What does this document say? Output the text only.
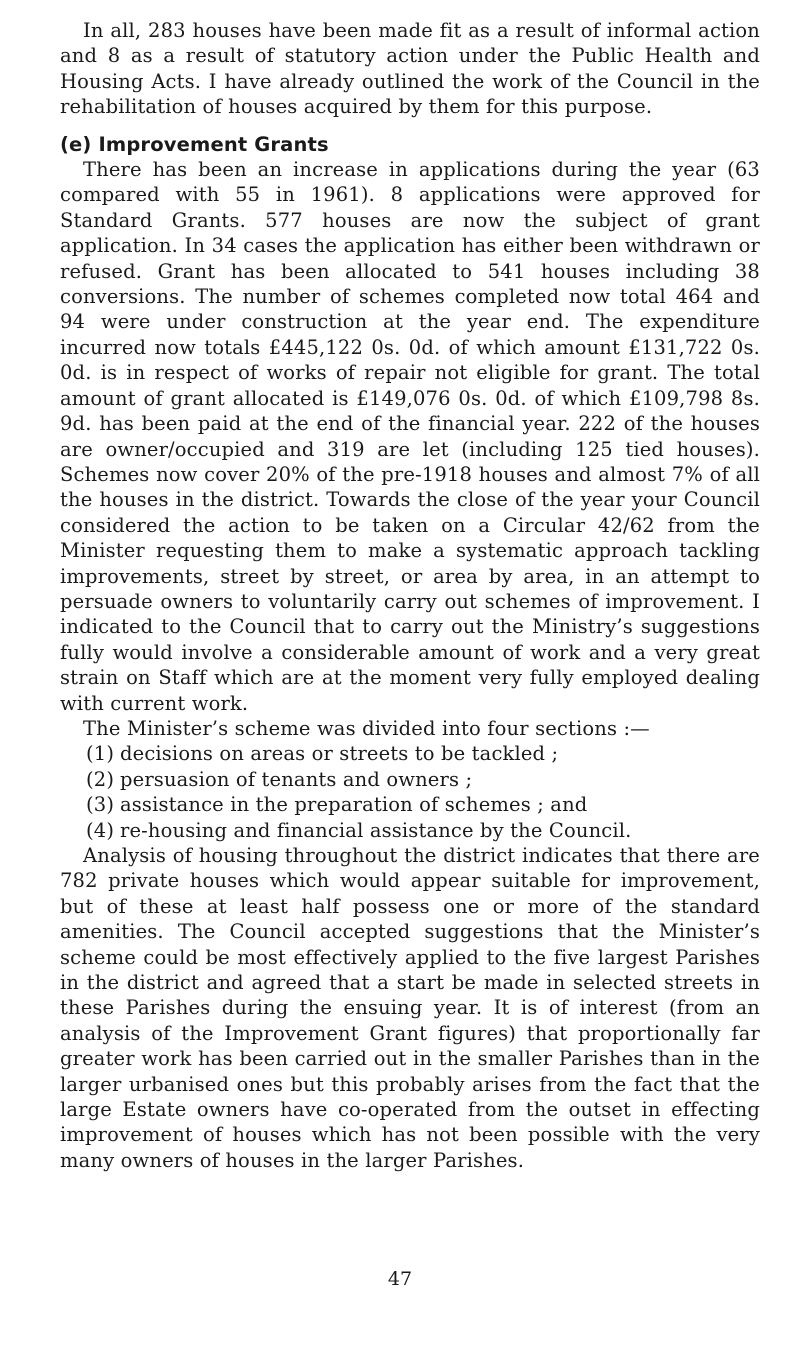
In all, 283 houses have been made fit as a result of informal action and 8 as a result of statutory action under the Public Health and Housing Acts. I have already outlined the work of the Council in the rehabilitation of houses acquired by them for this purpose.

(e) Improvement Grants

There has been an increase in applications during the year (63 compared with 55 in 1961). 8 applications were approved for Standard Grants. 577 houses are now the subject of grant application. In 34 cases the application has either been withdrawn or refused. Grant has been allocated to 541 houses including 38 conversions. The number of schemes completed now total 464 and 94 were under construction at the year end. The expenditure incurred now totals £445,122 0s. 0d. of which amount £131,722 0s. 0d. is in respect of works of repair not eligible for grant. The total amount of grant allocated is £149,076 0s. 0d. of which £109,798 8s. 9d. has been paid at the end of the financial year. 222 of the houses are owner/occupied and 319 are let (including 125 tied houses). Schemes now cover 20% of the pre-1918 houses and almost 7% of all the houses in the district. Towards the close of the year your Council considered the action to be taken on a Circular 42/62 from the Minister requesting them to make a systematic approach tackling improvements, street by street, or area by area, in an attempt to persuade owners to voluntarily carry out schemes of improvement. I indicated to the Council that to carry out the Ministry’s suggestions fully would involve a considerable amount of work and a very great strain on Staff which are at the moment very fully employed dealing with current work.

The Minister’s scheme was divided into four sections :—

(1) decisions on areas or streets to be tackled ;
(2) persuasion of tenants and owners ;
(3) assistance in the preparation of schemes ; and
(4) re-housing and financial assistance by the Council.

Analysis of housing throughout the district indicates that there are 782 private houses which would appear suitable for improvement, but of these at least half possess one or more of the standard amenities. The Council accepted suggestions that the Minister’s scheme could be most effectively applied to the five largest Parishes in the district and agreed that a start be made in selected streets in these Parishes during the ensuing year. It is of interest (from an analysis of the Improvement Grant figures) that proportionally far greater work has been carried out in the smaller Parishes than in the larger urbanised ones but this probably arises from the fact that the large Estate owners have co-operated from the outset in effecting improvement of houses which has not been possible with the very many owners of houses in the larger Parishes.

47
